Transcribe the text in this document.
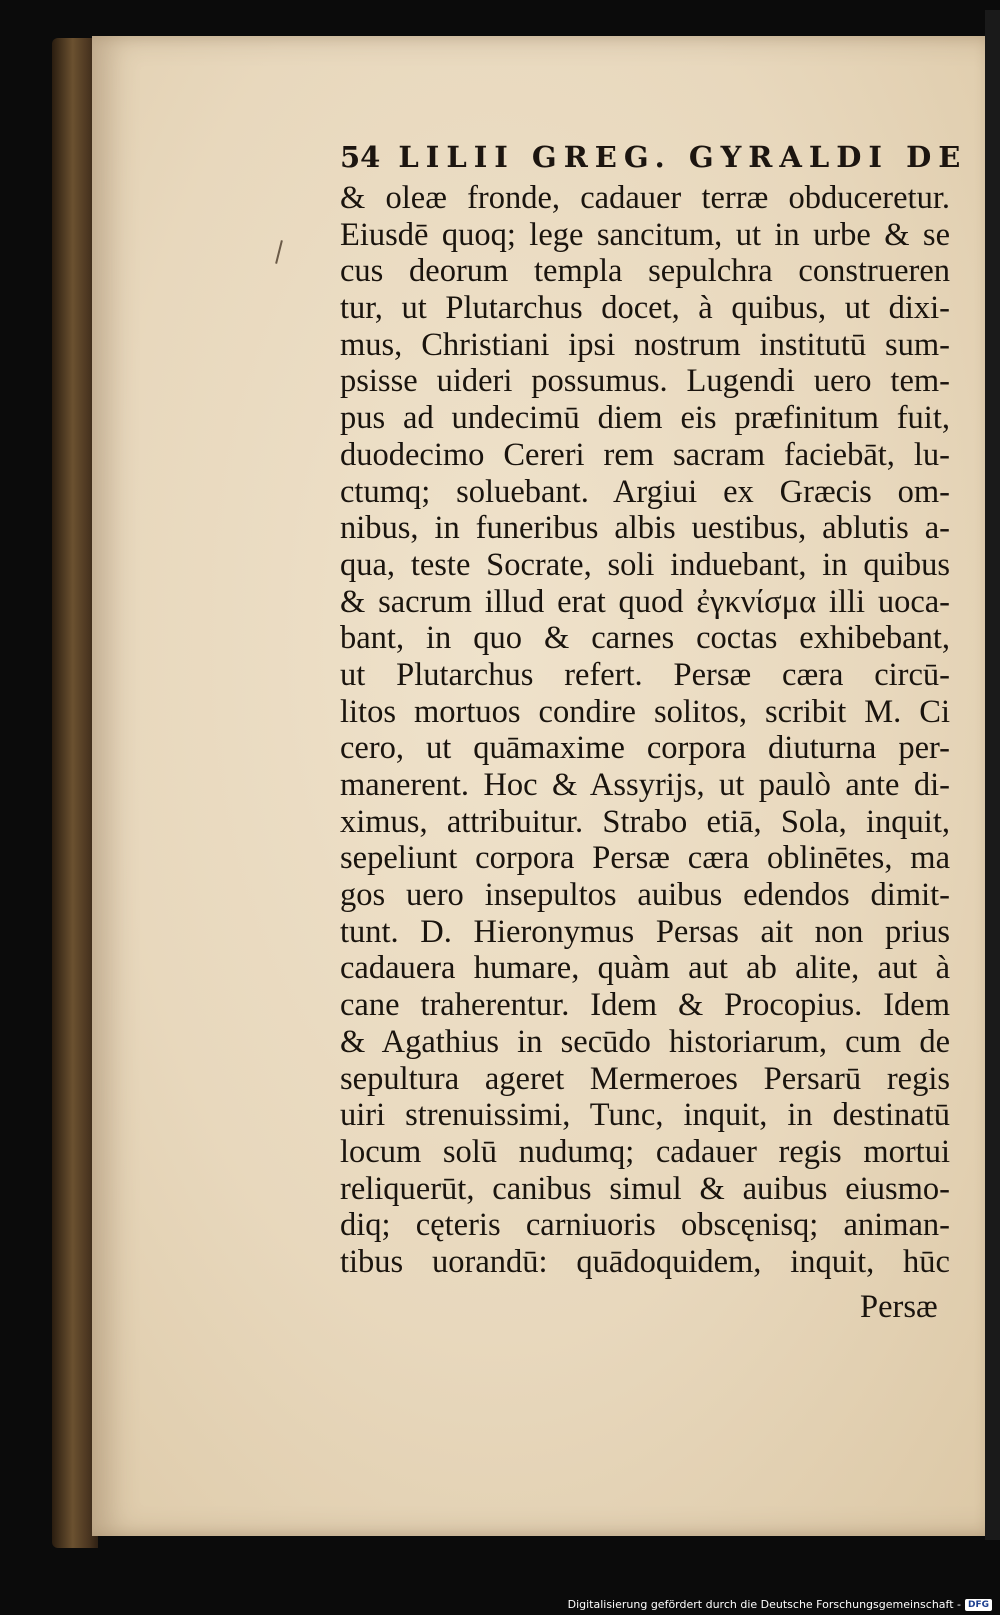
54 LILII GREG. GYRALDI DE
& oleæ fronde, cadauer terræ obduceretur.
Eiusdē quoq; lege sancitum, ut in urbe & se
cus deorum templa sepulchra construeren
tur, ut Plutarchus docet, à quibus, ut dixi-
mus, Christiani ipsi nostrum institutū sum-
psisse uideri possumus. Lugendi uero tem-
pus ad undecimū diem eis præfinitum fuit,
duodecimo Cereri rem sacram faciebāt, lu-
ctumq; soluebant. Argiui ex Græcis om-
nibus, in funeribus albis uestibus, ablutis a-
qua, teste Socrate, soli induebant, in quibus
& sacrum illud erat quod ἐγκνίσμα illi uoca-
bant, in quo & carnes coctas exhibebant,
ut Plutarchus refert. Persæ cæra circū-
litos mortuos condire solitos, scribit M. Ci
cero, ut quāmaxime corpora diuturna per-
manerent. Hoc & Assyrijs, ut paulò ante di-
ximus, attribuitur. Strabo etiā, Sola, inquit,
sepeliunt corpora Persæ cæra oblinētes, ma
gos uero insepultos auibus edendos dimit-
tunt. D. Hieronymus Persas ait non prius
cadauera humare, quàm aut ab alite, aut à
cane traherentur. Idem & Procopius. Idem
& Agathius in secūdo historiarum, cum de
sepultura ageret Mermeroes Persarū regis
uiri strenuissimi, Tunc, inquit, in destinatū
locum solū nudumq; cadauer regis mortui
reliquerūt, canibus simul & auibus eiusmo-
diq; cęteris carniuoris obscęnisq; animan-
tibus uorandū: quādoquidem, inquit, hūc
Persæ
Digitalisierung gefördert durch die Deutsche Forschungsgemeinschaft - DFG
